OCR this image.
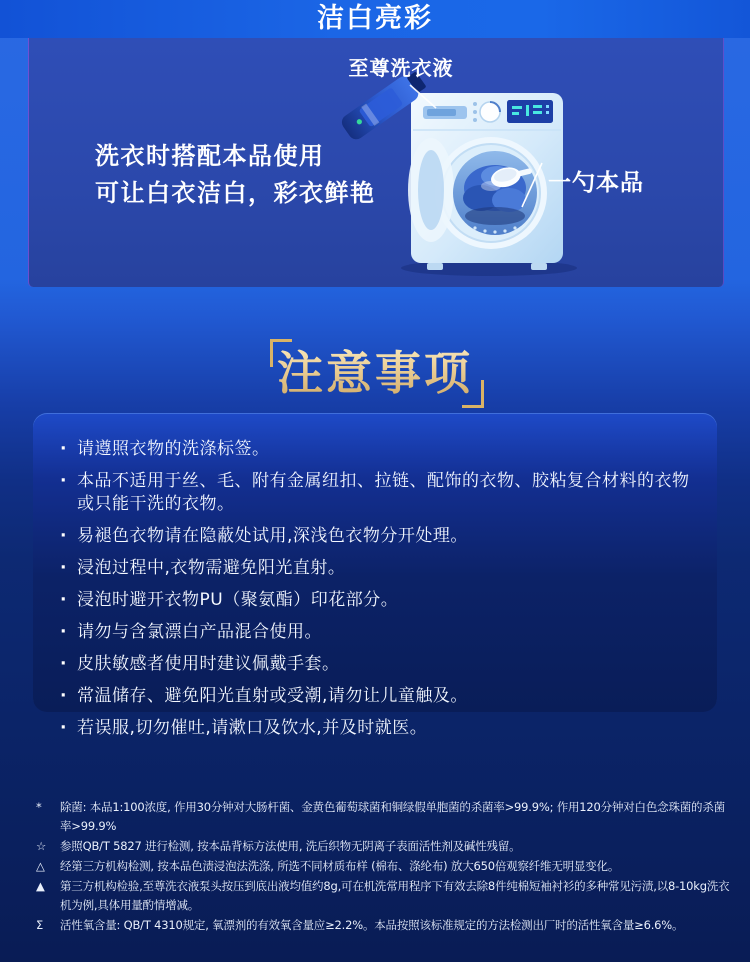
洁白亮彩
至尊洗衣液
洗衣时搭配本品使用
可让白衣洁白，彩衣鲜艳	一勺本品
注意事项
· 请遵照衣物的洗涤标签。
· 本品不适用于丝、毛、附有金属纽扣、拉链、配饰的衣物、胶粘复合材料的衣物或只能干洗的衣物。
· 易褪色衣物请在隐蔽处试用,深浅色衣物分开处理。
· 浸泡过程中,衣物需避免阳光直射。
· 浸泡时避开衣物PU（聚氨酯）印花部分。
· 请勿与含氯漂白产品混合使用。
· 皮肤敏感者使用时建议佩戴手套。
· 常温储存、避免阳光直射或受潮,请勿让儿童触及。
· 若误服,切勿催吐,请漱口及饮水,并及时就医。
*	除菌: 本品1:100浓度, 作用30分钟对大肠杆菌、金黄色葡萄球菌和铜绿假单胞菌的杀菌率>99.9%; 作用120分钟对白色念珠菌的杀菌率>99.9%
☆	参照QB/T 5827 进行检测, 按本品背标方法使用, 洗后织物无阴离子表面活性剂及碱性残留。
△	经第三方机构检测, 按本品色渍浸泡法洗涤, 所选不同材质布样 (棉布、涤纶布) 放大650倍观察纤维无明显变化。
▲	第三方机构检验,至尊洗衣液泵头按压到底出液均值约8g,可在机洗常用程序下有效去除8件纯棉短袖衬衫的多种常见污渍,以8-10kg洗衣机为例,具体用量酌情增减。
Σ	活性氧含量: QB/T 4310规定, 氧漂剂的有效氧含量应≥2.2%。本品按照该标准规定的方法检测出厂时的活性氧含量≥6.6%。
